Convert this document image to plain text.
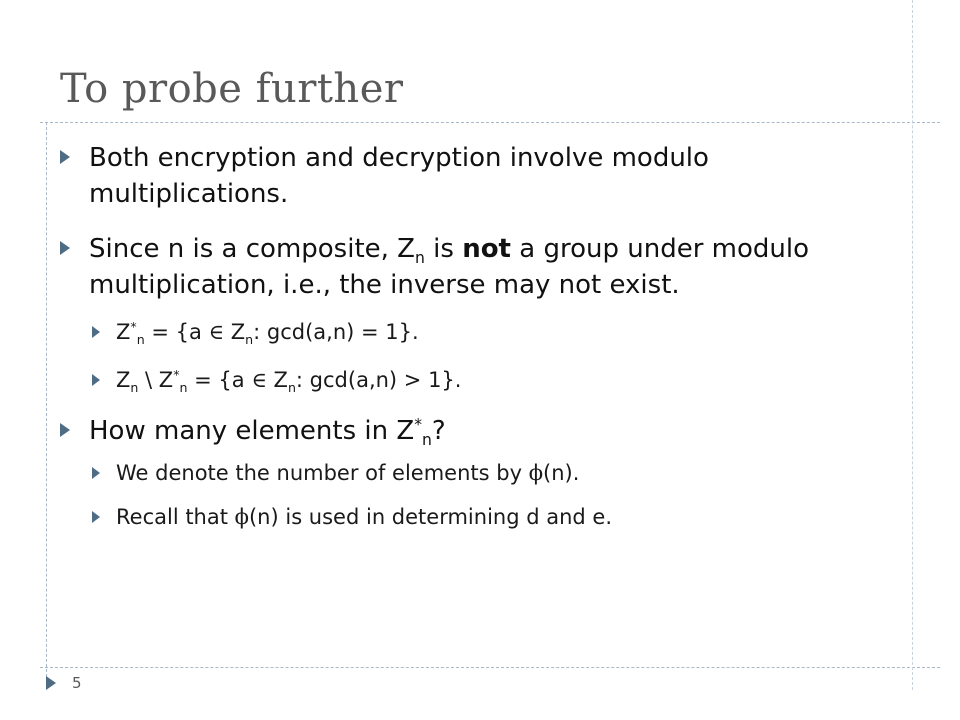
To probe further
Both encryption and decryption involve modulo
multiplications.
Since n is a composite, $Z_n$ is not a group under modulo
multiplication, i.e., the inverse may not exist.
$Z^*_n = \{a$ ∈ $Z_n$: gcd(a,n) = 1}.
$Z_n$ \ $Z^*_n = \{a$ ∈ $Z_n$: gcd(a,n) > 1}.
How many elements in $Z^*_n$?
We denote the number of elements by ϕ(n).
Recall that ϕ(n) is used in determining d and e.
5
